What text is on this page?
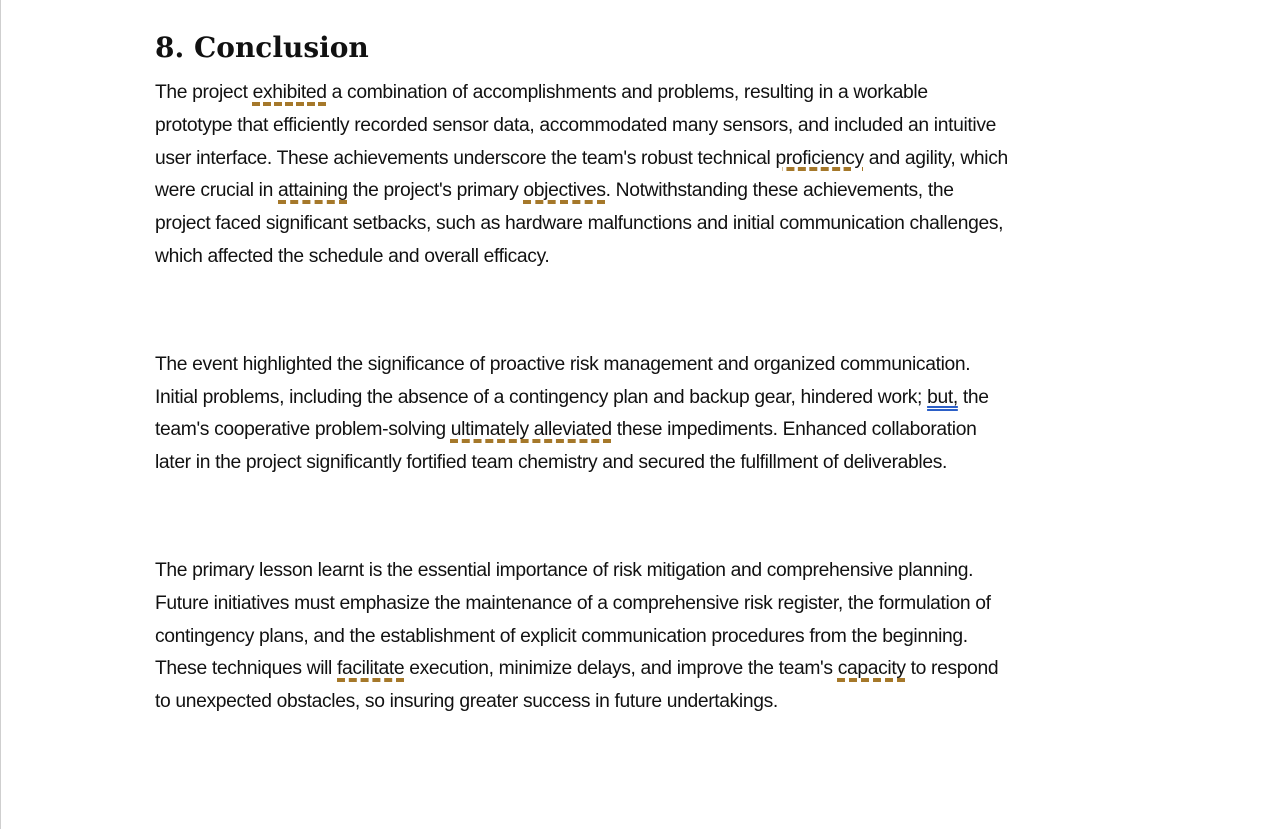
8. Conclusion

The project exhibited a combination of accomplishments and problems, resulting in a workable
prototype that efficiently recorded sensor data, accommodated many sensors, and included an intuitive
user interface. These achievements underscore the team's robust technical proficiency and agility, which
were crucial in attaining the project's primary objectives. Notwithstanding these achievements, the
project faced significant setbacks, such as hardware malfunctions and initial communication challenges,
which affected the schedule and overall efficacy.

The event highlighted the significance of proactive risk management and organized communication.
Initial problems, including the absence of a contingency plan and backup gear, hindered work; but, the
team's cooperative problem-solving ultimately alleviated these impediments. Enhanced collaboration
later in the project significantly fortified team chemistry and secured the fulfillment of deliverables.

The primary lesson learnt is the essential importance of risk mitigation and comprehensive planning.
Future initiatives must emphasize the maintenance of a comprehensive risk register, the formulation of
contingency plans, and the establishment of explicit communication procedures from the beginning.
These techniques will facilitate execution, minimize delays, and improve the team's capacity to respond
to unexpected obstacles, so insuring greater success in future undertakings.
